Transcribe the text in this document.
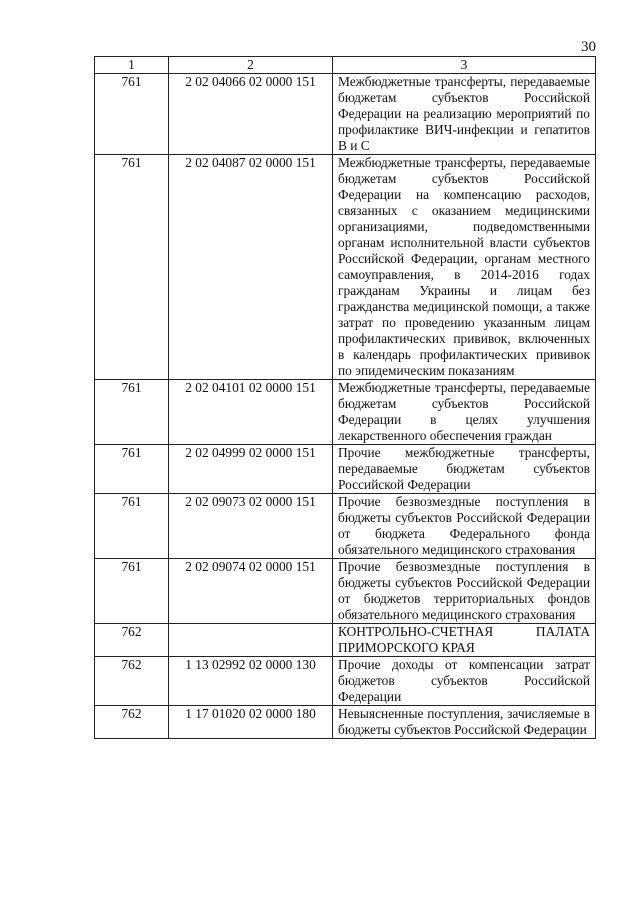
30
1	2	3
761	2 02 04066 02 0000 151	Межбюджетные трансферты, передаваемые бюджетам субъектов Российской Федерации на реализацию мероприятий по профилактике ВИЧ-инфекции и гепатитов B и C
761	2 02 04087 02 0000 151	Межбюджетные трансферты, передаваемые бюджетам субъектов Российской Федерации на компенсацию расходов, связанных с оказанием медицинскими организациями, подведомственными органам исполнительной власти субъектов Российской Федерации, органам местного самоуправления, в 2014-2016 годах гражданам Украины и лицам без гражданства медицинской помощи, а также затрат по проведению указанным лицам профилактических прививок, включенных в календарь профилактических прививок по эпидемическим показаниям
761	2 02 04101 02 0000 151	Межбюджетные трансферты, передаваемые бюджетам субъектов Российской Федерации в целях улучшения лекарственного обеспечения граждан
761	2 02 04999 02 0000 151	Прочие межбюджетные трансферты, передаваемые бюджетам субъектов Российской Федерации
761	2 02 09073 02 0000 151	Прочие безвозмездные поступления в бюджеты субъектов Российской Федерации от бюджета Федерального фонда обязательного медицинского страхования
761	2 02 09074 02 0000 151	Прочие безвозмездные поступления в бюджеты субъектов Российской Федерации от бюджетов территориальных фондов обязательного медицинского страхования
762		КОНТРОЛЬНО-СЧЕТНАЯ ПАЛАТА ПРИМОРСКОГО КРАЯ
762	1 13 02992 02 0000 130	Прочие доходы от компенсации затрат бюджетов субъектов Российской Федерации
762	1 17 01020 02 0000 180	Невыясненные поступления, зачисляемые в бюджеты субъектов Российской Федерации
